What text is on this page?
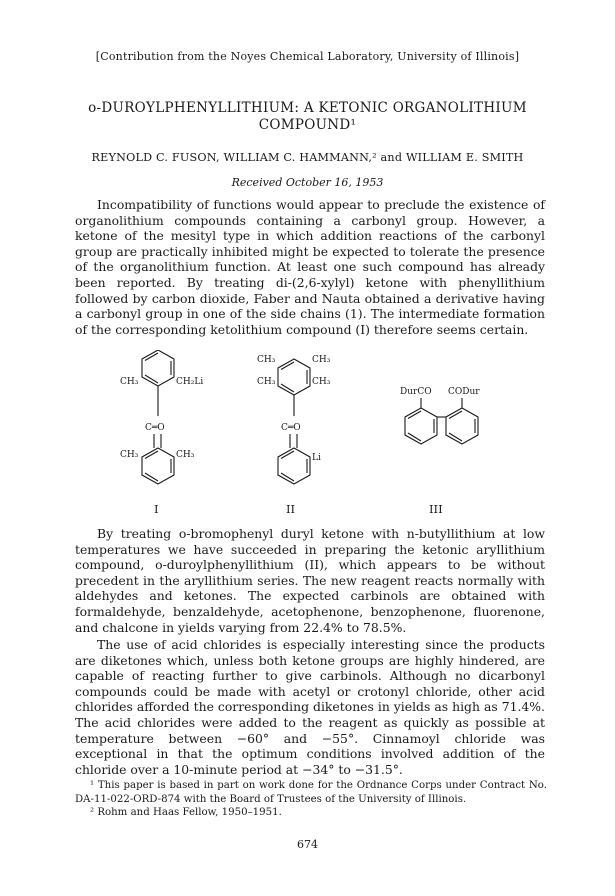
[Contribution from the Noyes Chemical Laboratory, University of Illinois]
o-DUROYLPHENYLLITHIUM: A KETONIC ORGANOLITHIUM COMPOUND¹
REYNOLD C. FUSON, WILLIAM C. HAMMANN,² and WILLIAM E. SMITH
Received October 16, 1953

Incompatibility of functions would appear to preclude the existence of organolithium compounds containing a carbonyl group. However, a ketone of the mesityl type in which addition reactions of the carbonyl group are practically inhibited might be expected to tolerate the presence of the organolithium function. At least one such compound has already been reported. By treating di-(2,6-xylyl) ketone with phenyllithium followed by carbon dioxide, Faber and Nauta obtained a derivative having a carbonyl group in one of the side chains (1). The intermediate formation of the corresponding ketolithium compound (I) therefore seems certain.

CH₃	CH₂Li
C═O
CH₃	CH₃
I
CH₃	CH₃
CH₃	CH₃
C═O
Li
II
DurCO CODur
III

By treating o-bromophenyl duryl ketone with n-butyllithium at low temperatures we have succeeded in preparing the ketonic aryllithium compound, o-duroylphenyllithium (II), which appears to be without precedent in the aryllithium series. The new reagent reacts normally with aldehydes and ketones. The expected carbinols are obtained with formaldehyde, benzaldehyde, acetophenone, benzophenone, fluorenone, and chalcone in yields varying from 22.4% to 78.5%.

The use of acid chlorides is especially interesting since the products are diketones which, unless both ketone groups are highly hindered, are capable of reacting further to give carbinols. Although no dicarbonyl compounds could be made with acetyl or crotonyl chloride, other acid chlorides afforded the corresponding diketones in yields as high as 71.4%. The acid chlorides were added to the reagent as quickly as possible at temperature between −60° and −55°. Cinnamoyl chloride was exceptional in that the optimum conditions involved addition of the chloride over a 10-minute period at −34° to −31.5°.

¹ This paper is based in part on work done for the Ordnance Corps under Contract No. DA-11-022-ORD-874 with the Board of Trustees of the University of Illinois.

² Rohm and Haas Fellow, 1950–1951.

674
